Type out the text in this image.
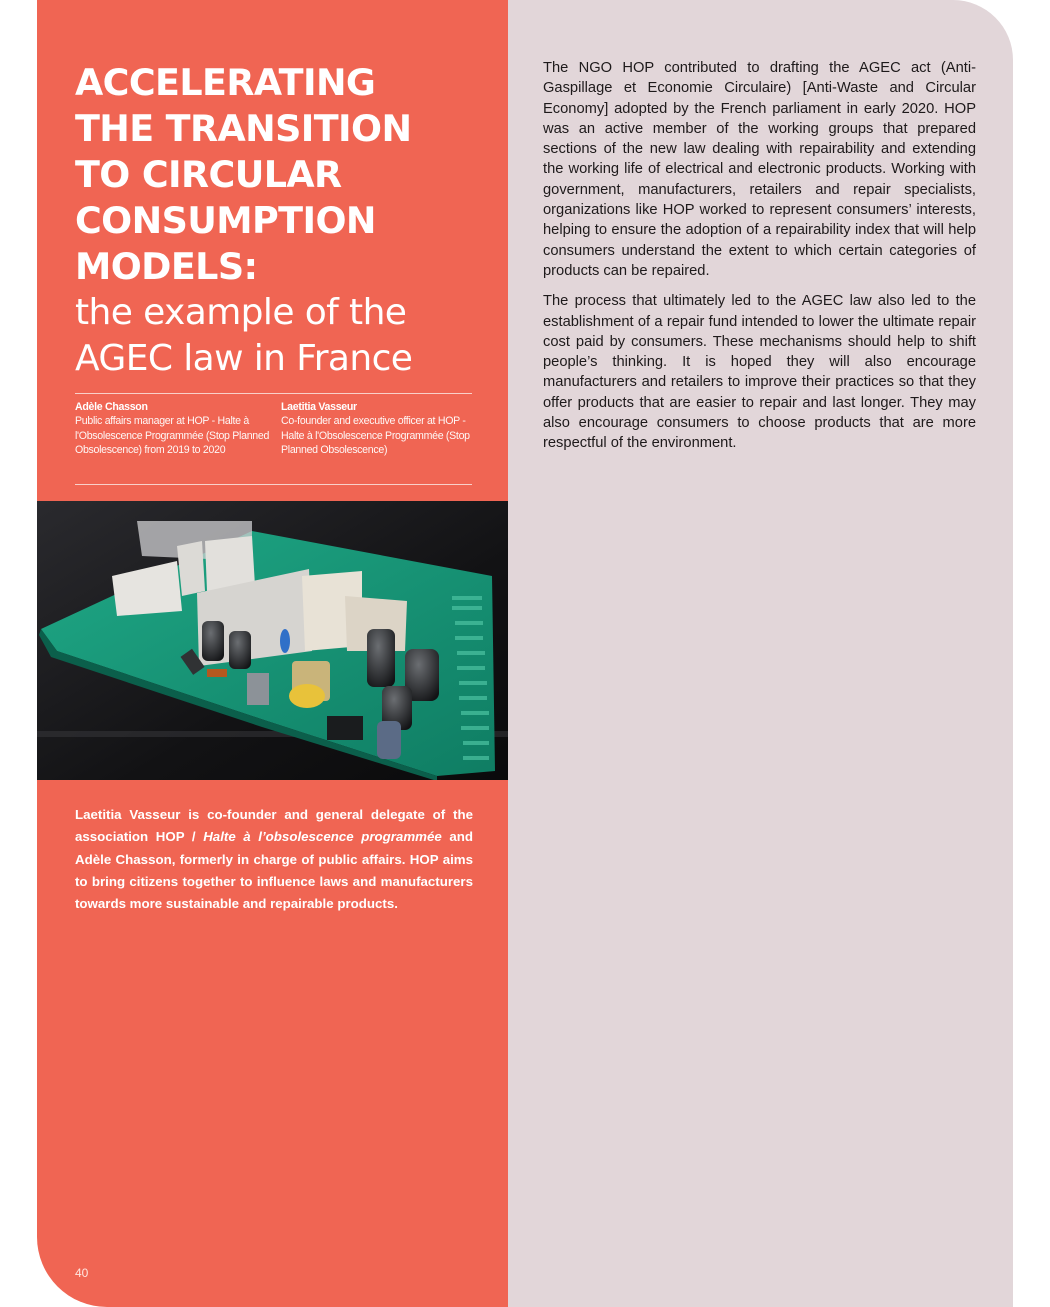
ACCELERATING
THE TRANSITION
TO CIRCULAR
CONSUMPTION
MODELS:
the example of the
AGEC law in France
Adèle Chasson
Public affairs manager at HOP - Halte à l'Obsolescence Programmée (Stop Planned Obsolescence) from 2019 to 2020
Laetitia Vasseur
Co-founder and executive officer at HOP - Halte à l'Obsolescence Programmée (Stop Planned Obsolescence)
Laetitia Vasseur is co-founder and general delegate of the association HOP / Halte à l’obsolescence programmée and Adèle Chasson, formerly in charge of public affairs. HOP aims to bring citizens together to influence laws and manufacturers towards more sustainable and repairable products.
40

The NGO HOP contributed to drafting the AGEC act (Anti-Gaspillage et Economie Circulaire) [Anti-Waste and Circular Economy] adopted by the French parliament in early 2020. HOP was an active member of the working groups that prepared sections of the new law dealing with repairability and extending the working life of electrical and electronic products. Working with government, manufacturers, retailers and repair specialists, organizations like HOP worked to represent consumers’ interests, helping to ensure the adoption of a repairability index that will help consumers understand the extent to which certain categories of products can be repaired.

The process that ultimately led to the AGEC law also led to the establishment of a repair fund intended to lower the ultimate repair cost paid by consumers. These mechanisms should help to shift people’s thinking. It is hoped they will also encourage manufacturers and retailers to improve their practices so that they offer products that are easier to repair and last longer. They may also encourage consumers to choose products that are more respectful of the environment.
